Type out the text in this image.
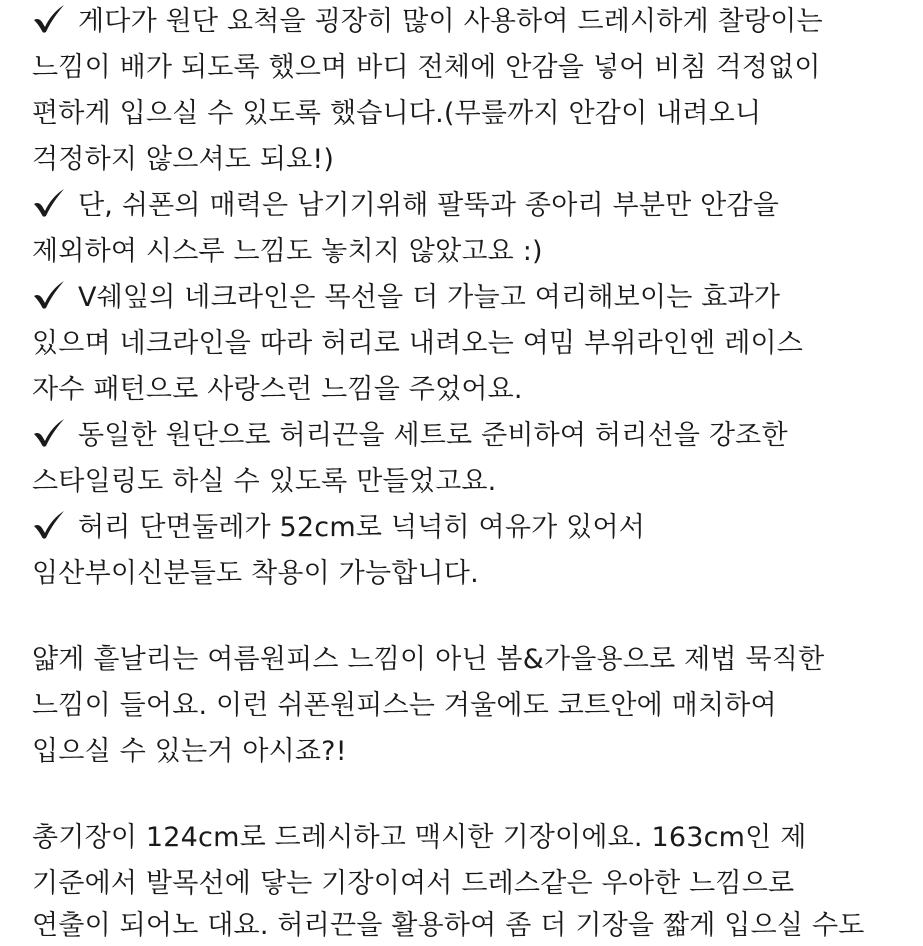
게다가 원단 요척을 굉장히 많이 사용하여 드레시하게 찰랑이는
느낌이 배가 되도록 했으며 바디 전체에 안감을 넣어 비침 걱정없이
편하게 입으실 수 있도록 했습니다.(무릎까지 안감이 내려오니
걱정하지 않으셔도 되요!)
단, 쉬폰의 매력은 남기기위해 팔뚝과 종아리 부분만 안감을
제외하여 시스루 느낌도 놓치지 않았고요 :)
V쉐잎의 네크라인은 목선을 더 가늘고 여리해보이는 효과가
있으며 네크라인을 따라 허리로 내려오는 여밈 부위라인엔 레이스
자수 패턴으로 사랑스런 느낌을 주었어요.
동일한 원단으로 허리끈을 세트로 준비하여 허리선을 강조한
스타일링도 하실 수 있도록 만들었고요.
허리 단면둘레가 52cm로 넉넉히 여유가 있어서
임산부이신분들도 착용이 가능합니다.
얇게 흩날리는 여름원피스 느낌이 아닌 봄&가을용으로 제법 묵직한
느낌이 들어요. 이런 쉬폰원피스는 겨울에도 코트안에 매치하여
입으실 수 있는거 아시죠?!
총기장이 124cm로 드레시하고 맥시한 기장이에요. 163cm인 제
기준에서 발목선에 닿는 기장이여서 드레스같은 우아한 느낌으로
연출이 되어노 대요. 허리끈을 활용하여 좀 더 기장을 짧게 입으실 수도
